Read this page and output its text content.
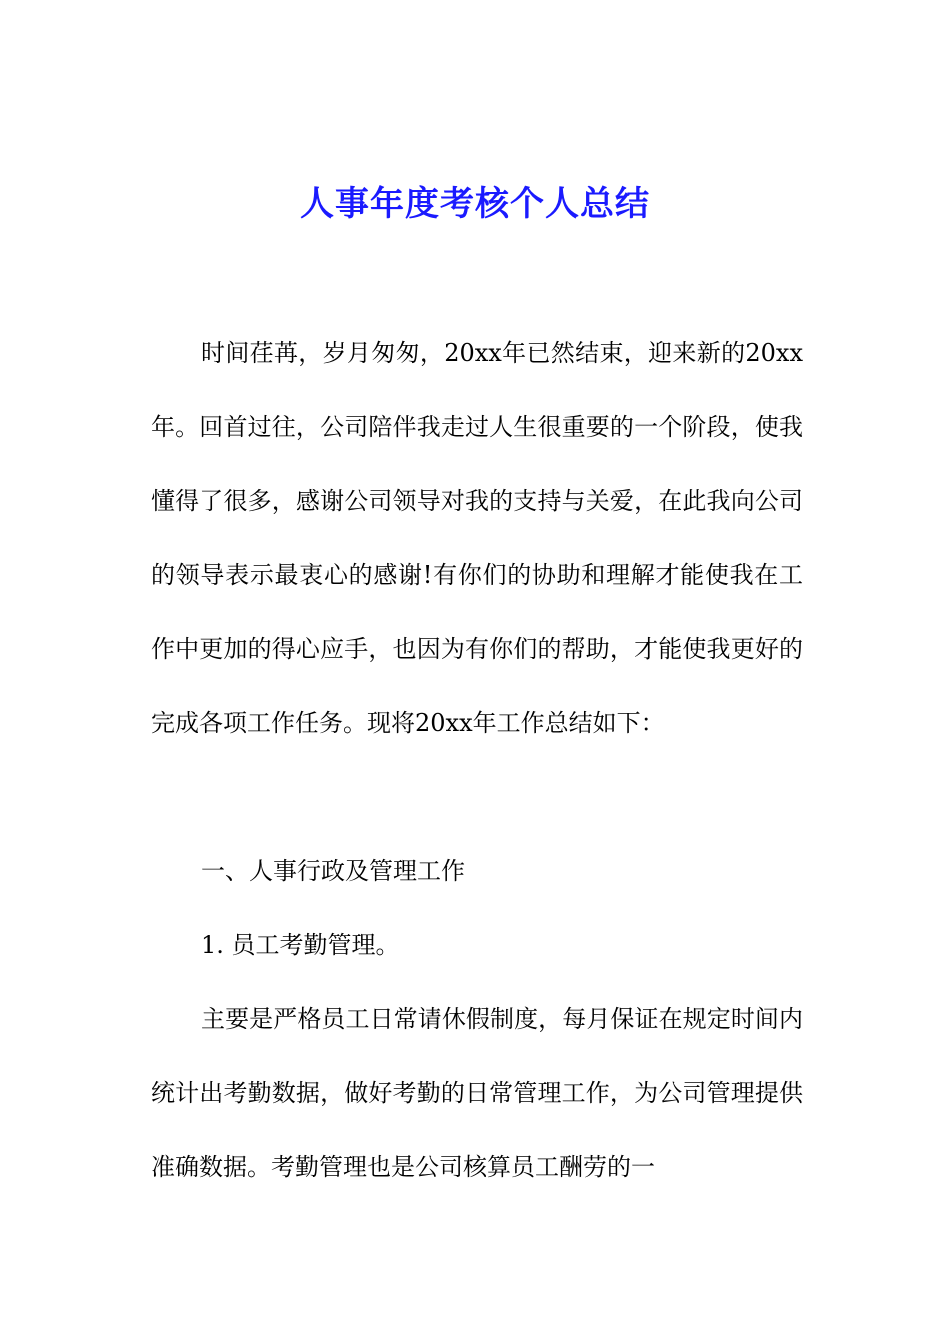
人事年度考核个人总结

时间荏苒，岁月匆匆，20xx年已然结束，迎来新的20xx年。回首过往，公司陪伴我走过人生很重要的一个阶段，使我懂得了很多，感谢公司领导对我的支持与关爱，在此我向公司的领导表示最衷心的感谢!有你们的协助和理解才能使我在工作中更加的得心应手，也因为有你们的帮助，才能使我更好的完成各项工作任务。现将20xx年工作总结如下：

一、人事行政及管理工作

1. 员工考勤管理。

主要是严格员工日常请休假制度，每月保证在规定时间内统计出考勤数据，做好考勤的日常管理工作，为公司管理提供准确数据。考勤管理也是公司核算员工酬劳的一
